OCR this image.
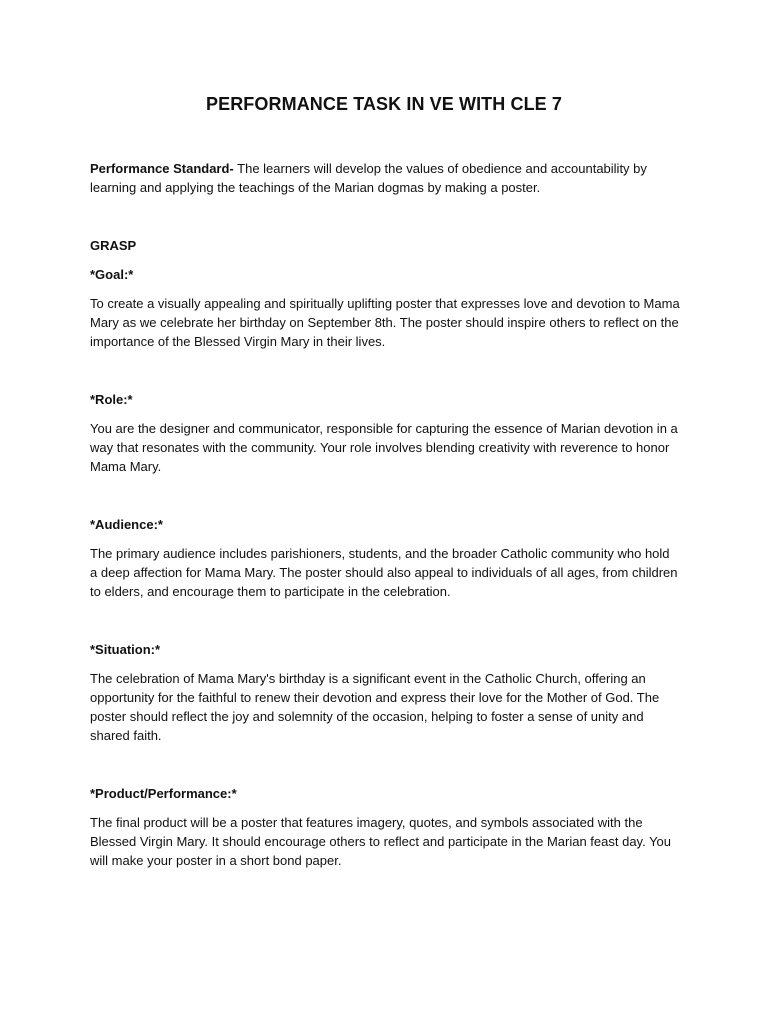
PERFORMANCE TASK IN VE WITH CLE 7

Performance Standard- The learners will develop the values of obedience and accountability by learning and applying the teachings of the Marian dogmas by making a poster.

GRASP
*Goal:*

To create a visually appealing and spiritually uplifting poster that expresses love and devotion to Mama Mary as we celebrate her birthday on September 8th. The poster should inspire others to reflect on the importance of the Blessed Virgin Mary in their lives.

*Role:*

You are the designer and communicator, responsible for capturing the essence of Marian devotion in a way that resonates with the community. Your role involves blending creativity with reverence to honor Mama Mary.

*Audience:*

The primary audience includes parishioners, students, and the broader Catholic community who hold a deep affection for Mama Mary. The poster should also appeal to individuals of all ages, from children to elders, and encourage them to participate in the celebration.

*Situation:*

The celebration of Mama Mary's birthday is a significant event in the Catholic Church, offering an opportunity for the faithful to renew their devotion and express their love for the Mother of God. The poster should reflect the joy and solemnity of the occasion, helping to foster a sense of unity and shared faith.

*Product/Performance:*

The final product will be a poster that features imagery, quotes, and symbols associated with the Blessed Virgin Mary. It should encourage others to reflect and participate in the Marian feast day. You will make your poster in a short bond paper.
